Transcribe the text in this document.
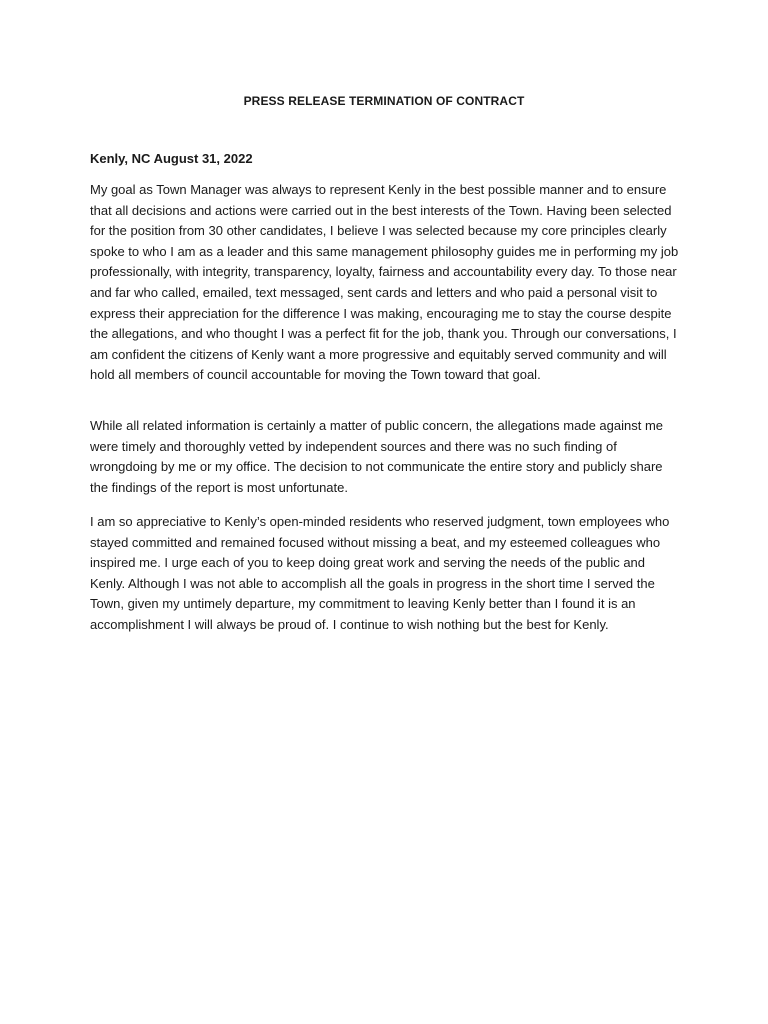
PRESS RELEASE TERMINATION OF CONTRACT

Kenly, NC August 31, 2022

My goal as Town Manager was always to represent Kenly in the best possible manner and to ensure that all decisions and actions were carried out in the best interests of the Town. Having been selected for the position from 30 other candidates, I believe I was selected because my core principles clearly spoke to who I am as a leader and this same management philosophy guides me in performing my job professionally, with integrity, transparency, loyalty, fairness and accountability every day. To those near and far who called, emailed, text messaged, sent cards and letters and who paid a personal visit to express their appreciation for the difference I was making, encouraging me to stay the course despite the allegations, and who thought I was a perfect fit for the job, thank you. Through our conversations, I am confident the citizens of Kenly want a more progressive and equitably served community and will hold all members of council accountable for moving the Town toward that goal.

While all related information is certainly a matter of public concern, the allegations made against me were timely and thoroughly vetted by independent sources and there was no such finding of wrongdoing by me or my office. The decision to not communicate the entire story and publicly share the findings of the report is most unfortunate.

I am so appreciative to Kenly’s open-minded residents who reserved judgment, town employees who stayed committed and remained focused without missing a beat, and my esteemed colleagues who inspired me. I urge each of you to keep doing great work and serving the needs of the public and Kenly. Although I was not able to accomplish all the goals in progress in the short time I served the Town, given my untimely departure, my commitment to leaving Kenly better than I found it is an accomplishment I will always be proud of. I continue to wish nothing but the best for Kenly.
